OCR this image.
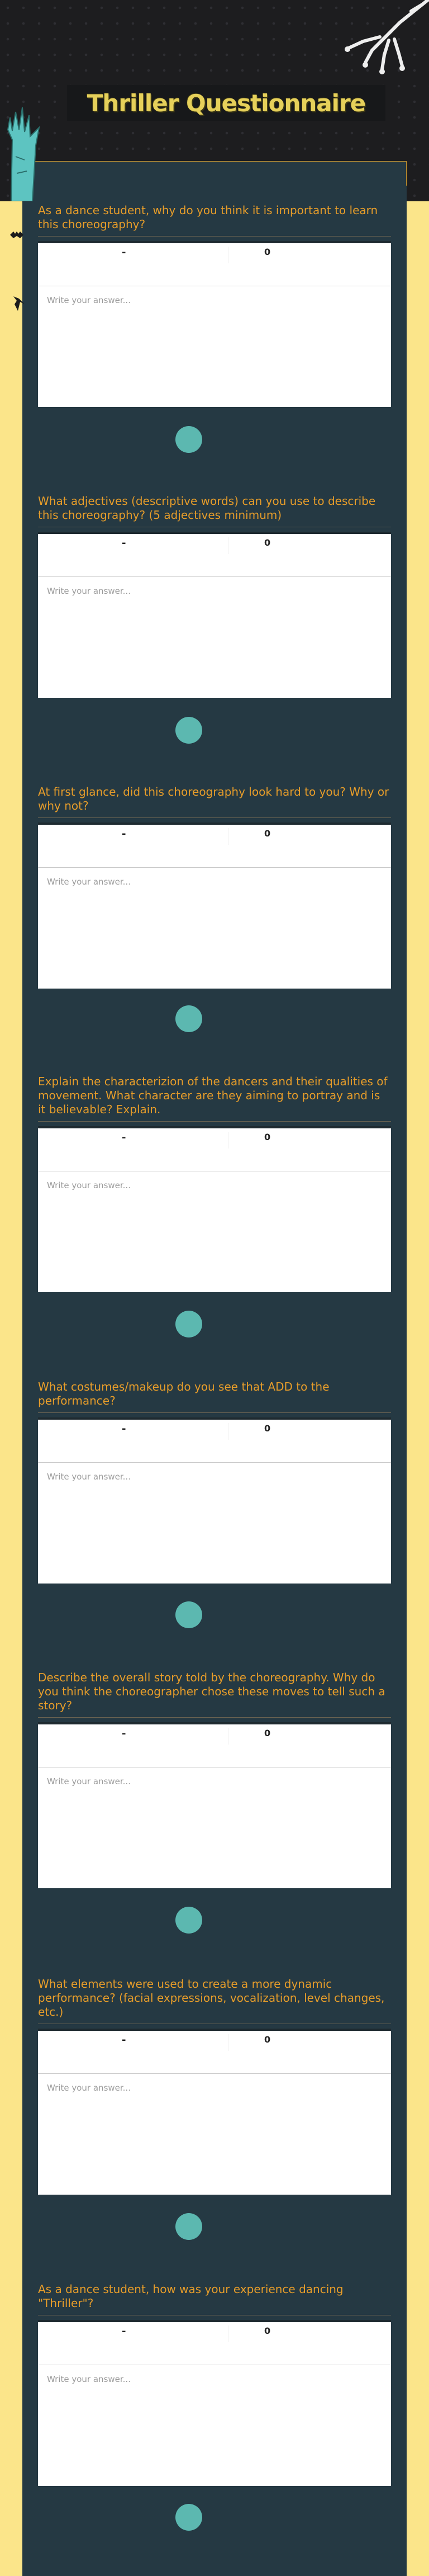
Thriller Questionnaire
As a dance student, why do you think it is important to learn this choreography?
-	0
Write your answer...
What adjectives (descriptive words) can you use to describe this choreography? (5 adjectives minimum)
-	0
Write your answer...
At first glance, did this choreography look hard to you? Why or why not?
-	0
Write your answer...
Explain the characterizion of the dancers and their qualities of movement. What character are they aiming to portray and is it believable? Explain.
-	0
Write your answer...
What costumes/makeup do you see that ADD to the performance?
-	0
Write your answer...
Describe the overall story told by the choreography. Why do you think the choreographer chose these moves to tell such a story?
-	0
Write your answer...
What elements were used to create a more dynamic performance? (facial expressions, vocalization, level changes, etc.)
-	0
Write your answer...
As a dance student, how was your experience dancing "Thriller"?
-	0
Write your answer...
